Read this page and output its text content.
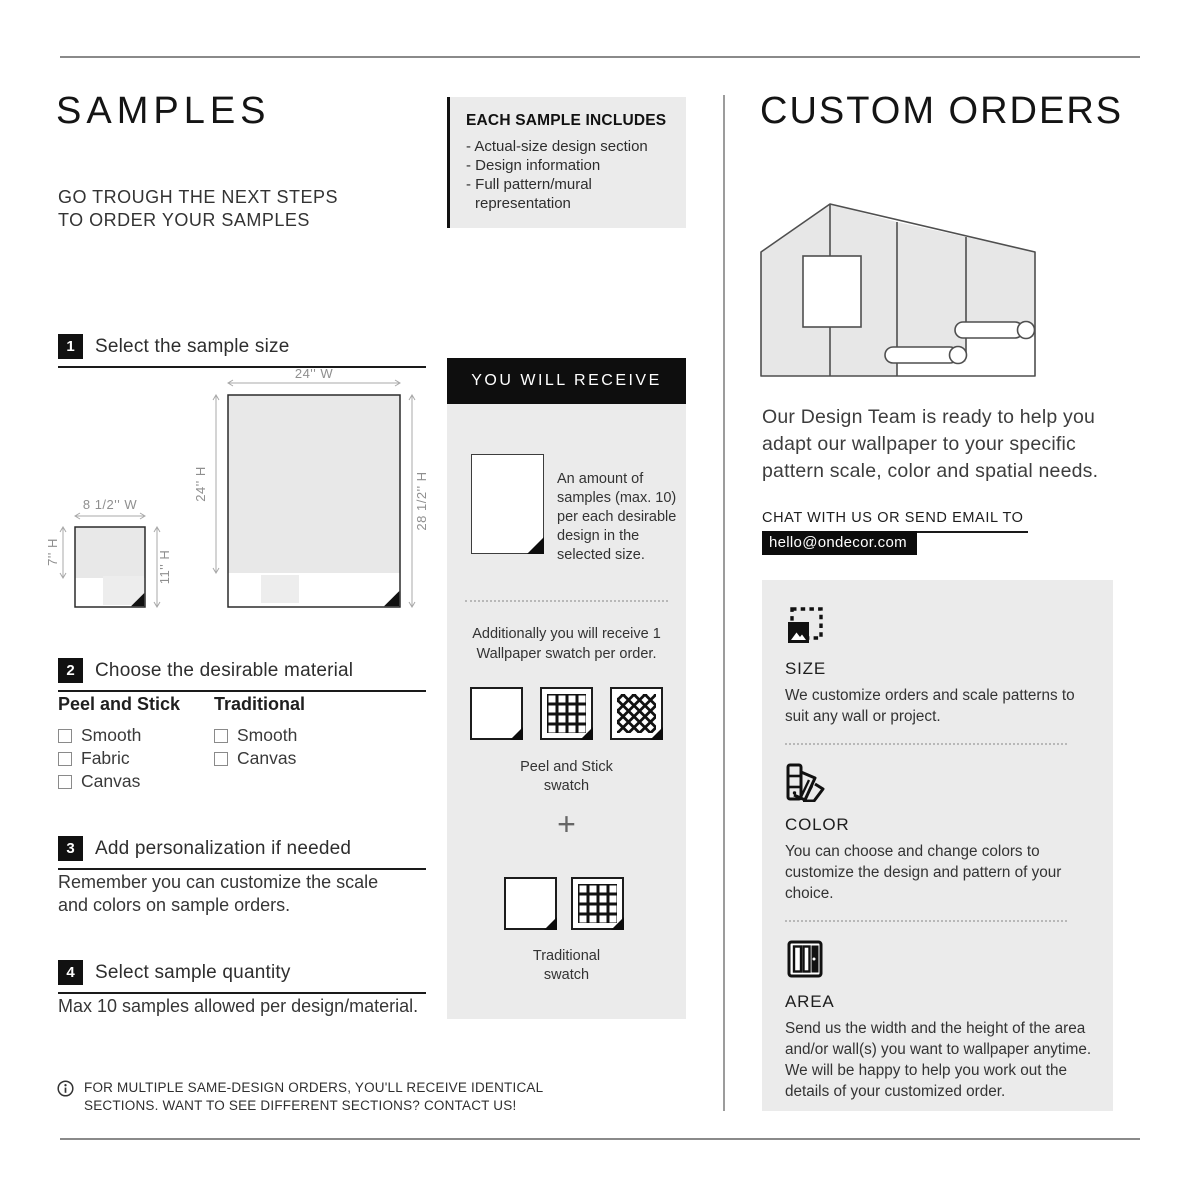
SAMPLES
GO TROUGH THE NEXT STEPS
TO ORDER YOUR SAMPLES
1	Select the sample size
8 1/2'' W
7'' H	11'' H
24'' W
24'' H	28 1/2'' H
2	Choose the desirable material

Peel and Stick

Smooth
Fabric
Canvas

Traditional

Smooth
Canvas
3	Add personalization if needed

Remember you can customize the scale and colors on sample orders.

4	Select sample quantity

Max 10 samples allowed per design/material.

FOR MULTIPLE SAME-DESIGN ORDERS, YOU'LL RECEIVE IDENTICAL
SECTIONS. WANT TO SEE DIFFERENT SECTIONS? CONTACT US!

EACH SAMPLE INCLUDES

- Actual-size design section
- Design information
- Full pattern/mural representation
YOU WILL RECEIVE

An amount of samples (max. 10) per each desirable design in the selected size.

Additionally you will receive 1 Wallpaper swatch per order.

Peel and Stick
swatch

+

Traditional
swatch

CUSTOM ORDERS

Our Design Team is ready to help you adapt our wallpaper to your specific pattern scale, color and spatial needs.

CHAT WITH US OR SEND EMAIL TO
hello@ondecor.com

SIZE

We customize orders and scale patterns to suit any wall or project.

COLOR

You can choose and change colors to customize the design and pattern of your choice.

AREA

Send us the width and the height of the area and/or wall(s) you want to wallpaper anytime. We will be happy to help you work out the details of your customized order.
